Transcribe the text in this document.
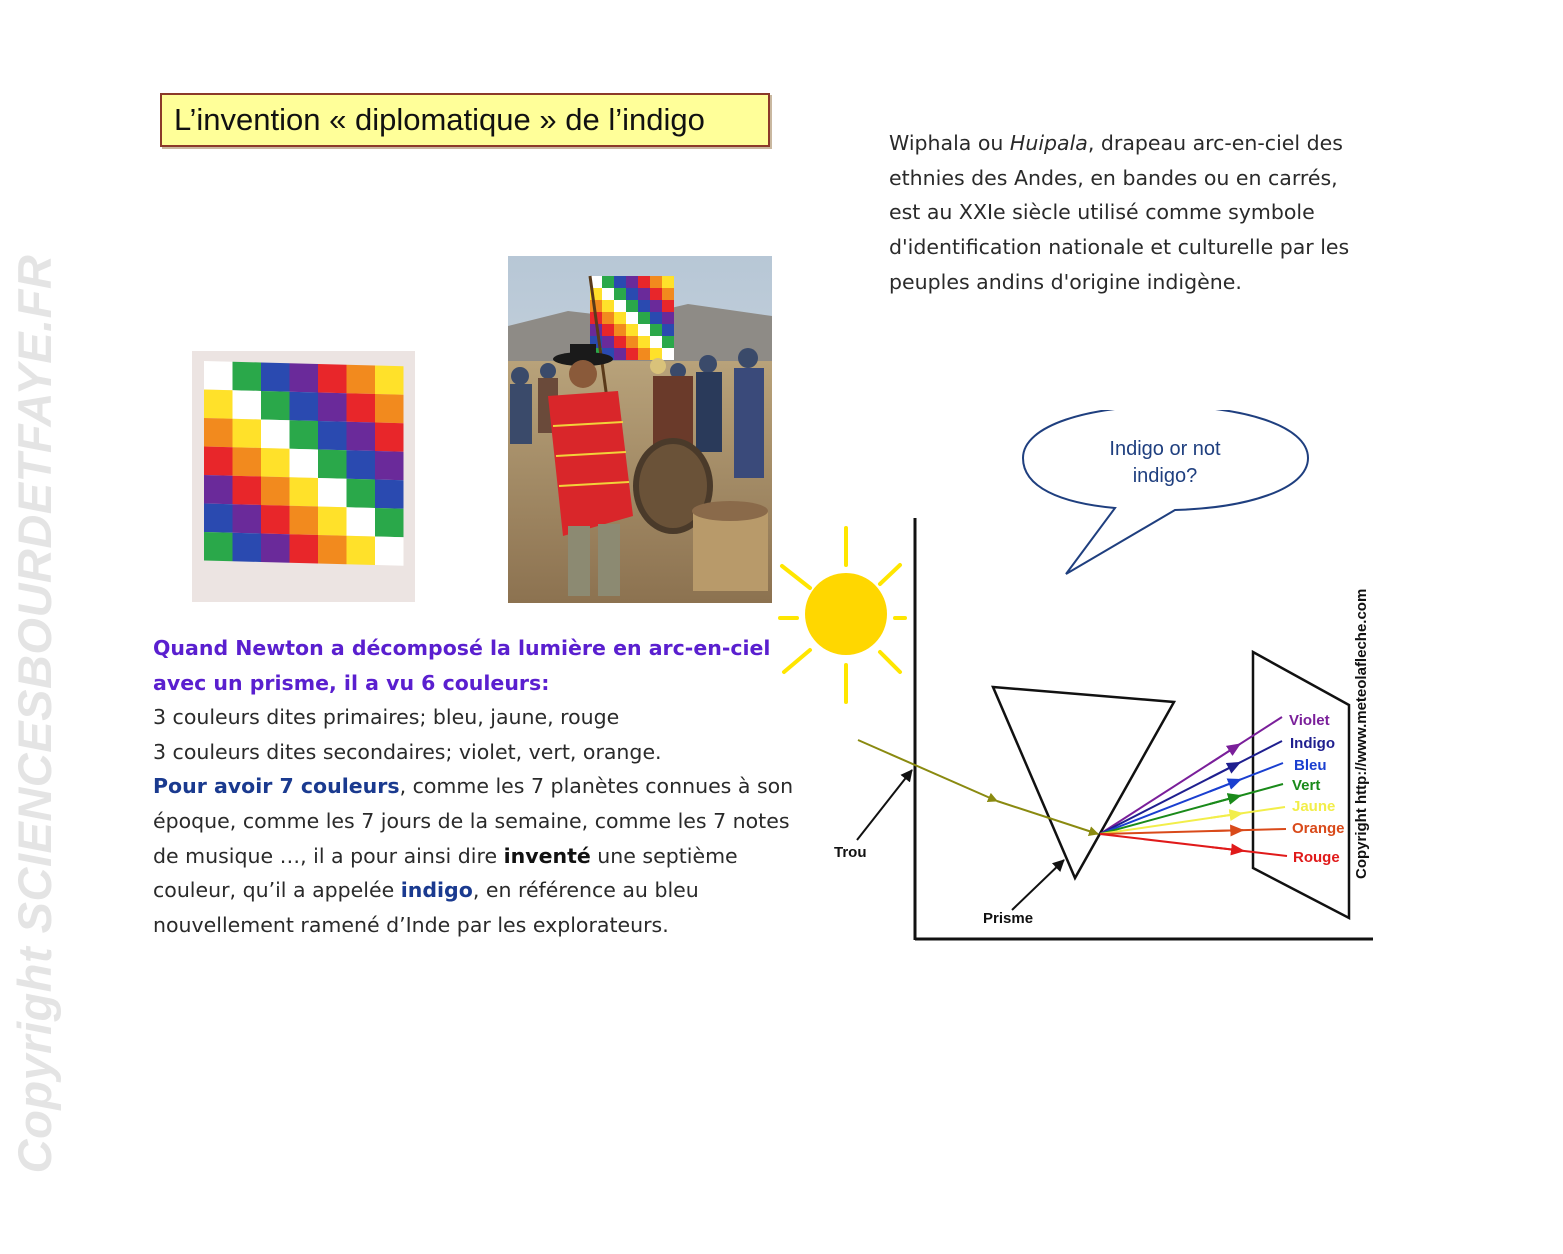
Copyright SCIENCESBOURDETFAYE.FR
L’invention « diplomatique » de l’indigo

Wiphala ou Huipala, drapeau arc-en-ciel des ethnies des Andes, en bandes ou en carrés, est au XXIe siècle utilisé comme symbole d'identification nationale et culturelle par les peuples andins d'origine indigène.

Quand Newton a décomposé la lumière en arc-en-ciel avec un prisme, il a vu 6 couleurs:

3 couleurs dites primaires; bleu, jaune, rouge

3 couleurs dites secondaires; violet, vert, orange.

Pour avoir 7 couleurs, comme les 7 planètes connues à son époque, comme les 7 jours de la semaine, comme les 7 notes de musique …, il a pour ainsi dire inventé une septième couleur, qu’il a appelée indigo, en référence au bleu nouvellement ramené d’Inde par les explorateurs.

Indigo or not indigo?
Trou
Prisme
Violet
Indigo
Bleu
Vert
Jaune
Orange
Rouge Copyright http://www.meteolafleche.com
